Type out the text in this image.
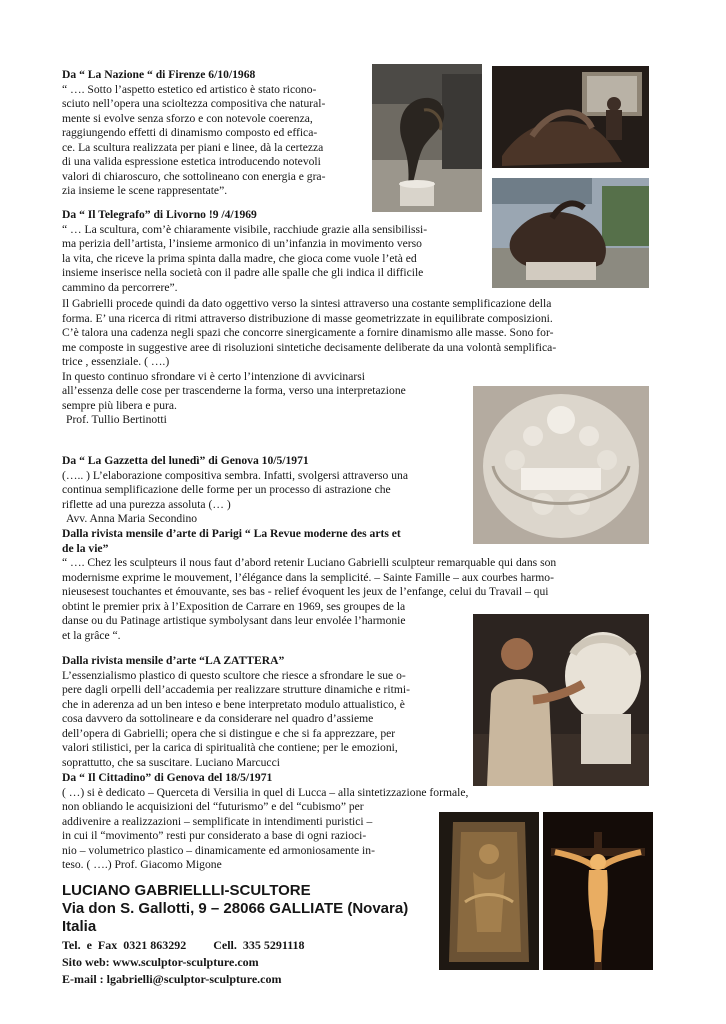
Da “ La Nazione “ di Firenze 6/10/1968

“ …. Sotto l’aspetto estetico ed artistico è stato ricono-

sciuto nell’opera una scioltezza compositiva che natural-

mente si evolve senza sforzo e con notevole coerenza,

raggiungendo effetti di dinamismo composto ed effica-

ce. La scultura realizzata per piani e linee, dà la certezza

di una valida espressione estetica introducendo notevoli

valori di chiaroscuro, che sottolineano con energia e gra-

zia insieme le scene rappresentate”.

Da “ Il Telegrafo” di Livorno !9 /4/1969

“ … La scultura, com’è chiaramente visibile, racchiude grazie alla sensibilissi-

ma perizia dell’artista, l’insieme armonico di un’infanzia in movimento verso

la vita, che riceve la prima spinta dalla madre, che gioca come vuole l’età ed

insieme inserisce nella società con il padre alle spalle che gli indica il difficile

cammino da percorrere”.

Il Gabrielli procede quindi da dato oggettivo verso la sintesi attraverso una costante semplificazione della

forma. E’ una ricerca di ritmi attraverso distribuzione di masse geometrizzate in equilibrate composizioni.

C’è talora una cadenza negli spazi che concorre sinergicamente a fornire dinamismo alle masse. Sono for-

me composte in suggestive aree di risoluzioni sintetiche decisamente deliberate da una volontà semplifica-

trice , essenziale. ( ….)

In questo continuo sfrondare vi è certo l’intenzione di avvicinarsi

all’essenza delle cose per trascenderne la forma, verso una interpretazione

sempre più libera e pura.

Prof. Tullio Bertinotti

Da “ La Gazzetta del lunedì” di Genova 10/5/1971

(….. ) L’elaborazione compositiva sembra. Infatti, svolgersi attraverso una

continua semplificazione delle forme per un processo di astrazione che

riflette ad una purezza assoluta (… )

Avv. Anna Maria Secondino

Dalla rivista mensile d’arte di Parigi “ La Revue moderne des arts et

de la vie”

“ …. Chez les sculpteurs il nous faut d’abord retenir Luciano Gabrielli sculpteur remarquable qui dans son

modernisme exprime le mouvement, l’élégance dans la semplicité. – Sainte Famille – aux courbes harmo-

nieusesest touchantes et émouvante, ses bas - relief évoquent les jeux de l’enfange, celui du Travail – qui

obtint le premier prix à l’Exposition de Carrare en 1969, ses groupes de la

danse ou du Patinage artistique symbolysant dans leur envolée l’harmonie

et la grâce “.

Dalla rivista mensile d’arte “LA ZATTERA”

L’essenzialismo plastico di questo scultore che riesce a sfrondare le sue o-

pere dagli orpelli dell’accademia per realizzare strutture dinamiche e ritmi-

che in aderenza ad un ben inteso e bene interpretato modulo attualistico, è

cosa davvero da sottolineare e da considerare nel quadro d’assieme

dell’opera di Gabrielli; opera che si distingue e che si fa apprezzare, per

valori stilistici, per la carica di spiritualità che contiene; per le emozioni,

soprattutto, che sa suscitare. Luciano Marcucci

Da “ Il Cittadino” di Genova del 18/5/1971

( …) si è dedicato – Querceta di Versilia in quel di Lucca – alla sintetizzazione formale,

non obliando le acquisizioni del “futurismo” e del “cubismo” per

addivenire a realizzazioni – semplificate in intendimenti puristici –

in cui il “movimento” resti pur considerato a base di ogni razioci-

nio – volumetrico plastico – dinamicamente ed armoniosamente in-

teso. ( ….) Prof. Giacomo Migone

LUCIANO GABRIELLLI-SCULTORE

Via don S. Gallotti, 9 – 28066 GALLIATE (Novara)

Italia

Tel.  e  Fax  0321 863292         Cell.  335 5291118

Sito web: www.sculptor-sculpture.com

E-mail : lgabrielli@sculptor-sculpture.com
